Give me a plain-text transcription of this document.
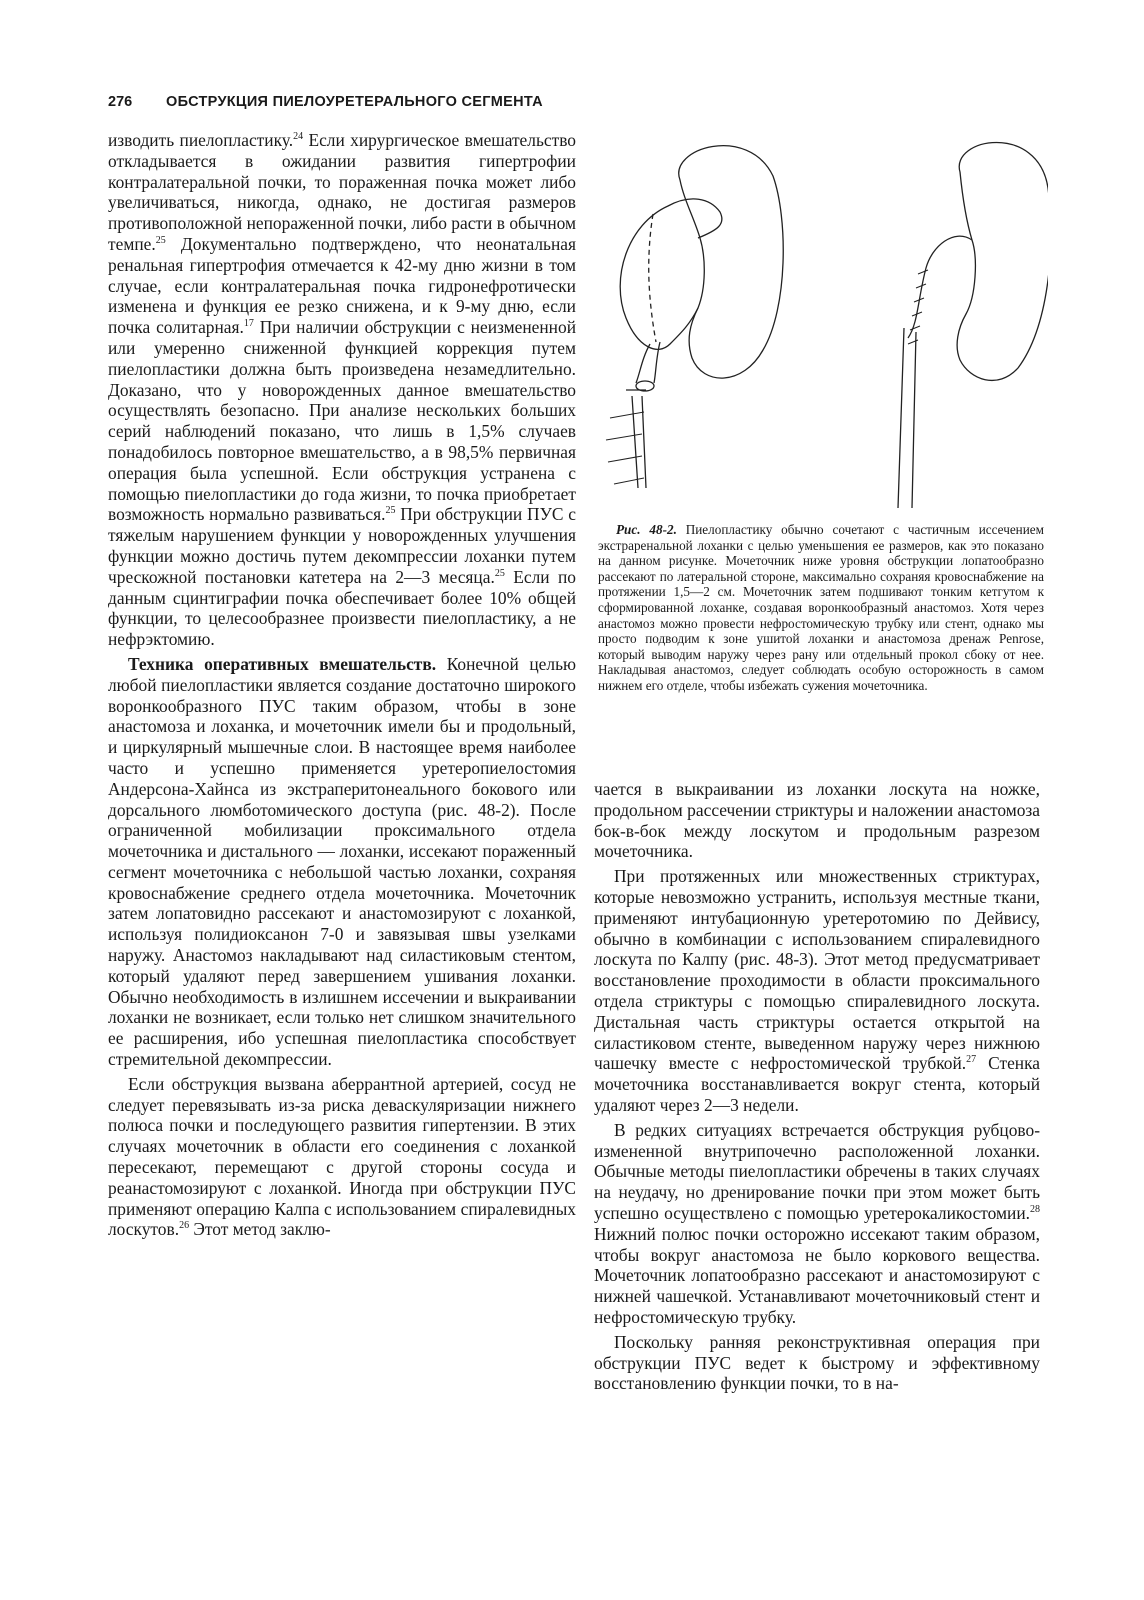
276 ОБСТРУКЦИЯ ПИЕЛОУРЕТЕРАЛЬНОГО СЕГМЕНТА

изводить пиелопластику.$^{24}$ Если хирургическое вмешательство откладывается в ожидании развития гипертрофии контралатеральной почки, то пораженная почка может либо увеличиваться, никогда, однако, не достигая размеров противоположной непораженной почки, либо расти в обычном темпе.$^{25}$ Документально подтверждено, что неонатальная ренальная гипертрофия отмечается к 42-му дню жизни в том случае, если контралатеральная почка гидронефротически изменена и функция ее резко снижена, и к 9-му дню, если почка солитарная.$^{17}$ При наличии обструкции с неизмененной или умеренно сниженной функцией коррекция путем пиелопластики должна быть произведена незамедлительно. Доказано, что у новорожденных данное вмешательство осуществлять безопасно. При анализе нескольких больших серий наблюдений показано, что лишь в 1,5% случаев понадобилось повторное вмешательство, а в 98,5% первичная операция была успешной. Если обструкция устранена с помощью пиелопластики до года жизни, то почка приобретает возможность нормально развиваться.$^{25}$ При обструкции ПУС с тяжелым нарушением функции у новорожденных улучшения функции можно достичь путем декомпрессии лоханки путем чрескожной постановки катетера на 2—3 месяца.$^{25}$ Если по данным сцинтиграфии почка обеспечивает более 10% общей функции, то целесообразнее произвести пиелопластику, а не нефрэктомию.

Техника оперативных вмешательств. Конечной целью любой пиелопластики является создание достаточно широкого воронкообразного ПУС таким образом, чтобы в зоне анастомоза и лоханка, и мочеточник имели бы и продольный, и циркулярный мышечные слои. В настоящее время наиболее часто и успешно применяется уретеропиелостомия Андерсона-Хайнса из экстраперитонеального бокового или дорсального люмботомического доступа (рис. 48-2). После ограниченной мобилизации проксимального отдела мочеточника и дистального — лоханки, иссекают пораженный сегмент мочеточника с небольшой частью лоханки, сохраняя кровоснабжение среднего отдела мочеточника. Мочеточник затем лопатовидно рассекают и анастомозируют с лоханкой, используя полидиоксанон 7-0 и завязывая швы узелками наружу. Анастомоз накладывают над силастиковым стентом, который удаляют перед завершением ушивания лоханки. Обычно необходимость в излишнем иссечении и выкраивании лоханки не возникает, если только нет слишком значительного ее расширения, ибо успешная пиелопластика способствует стремительной декомпрессии.

Если обструкция вызвана аберрантной артерией, сосуд не следует перевязывать из-за риска деваскуляризации нижнего полюса почки и последующего развития гипертензии. В этих случаях мочеточник в области его соединения с лоханкой пересекают, перемещают с другой стороны сосуда и реанастомозируют с лоханкой. Иногда при обструкции ПУС применяют операцию Калпа с использованием спиралевидных лоскутов.$^{26}$ Этот метод заклю-

Рис. 48-2. Пиелопластику обычно сочетают с частичным иссечением экстраренальной лоханки с целью уменьшения ее размеров, как это показано на данном рисунке. Мочеточник ниже уровня обструкции лопатообразно рассекают по латеральной стороне, максимально сохраняя кровоснабжение на протяжении 1,5—2 см. Мочеточник затем подшивают тонким кетгутом к сформированной лоханке, создавая воронкообразный анастомоз. Хотя через анастомоз можно провести нефростомическую трубку или стент, однако мы просто подводим к зоне ушитой лоханки и анастомоза дренаж Penrose, который выводим наружу через рану или отдельный прокол сбоку от нее. Накладывая анастомоз, следует соблюдать особую осторожность в самом нижнем его отделе, чтобы избежать сужения мочеточника.

чается в выкраивании из лоханки лоскута на ножке, продольном рассечении стриктуры и наложении анастомоза бок-в-бок между лоскутом и продольным разрезом мочеточника.

При протяженных или множественных стриктурах, которые невозможно устранить, используя местные ткани, применяют интубационную уретеротомию по Дейвису, обычно в комбинации с использованием спиралевидного лоскута по Калпу (рис. 48-3). Этот метод предусматривает восстановление проходимости в области проксимального отдела стриктуры с помощью спиралевидного лоскута. Дистальная часть стриктуры остается открытой на силастиковом стенте, выведенном наружу через нижнюю чашечку вместе с нефростомической трубкой.$^{27}$ Стенка мочеточника восстанавливается вокруг стента, который удаляют через 2—3 недели.

В редких ситуациях встречается обструкция рубцово-измененной внутрипочечно расположенной лоханки. Обычные методы пиелопластики обречены в таких случаях на неудачу, но дренирование почки при этом может быть успешно осуществлено с помощью уретерокаликостомии.$^{28}$ Нижний полюс почки осторожно иссекают таким образом, чтобы вокруг анастомоза не было коркового вещества. Мочеточник лопатообразно рассекают и анастомозируют с нижней чашечкой. Устанавливают мочеточниковый стент и нефростомическую трубку.

Поскольку ранняя реконструктивная операция при обструкции ПУС ведет к быстрому и эффективному восстановлению функции почки, то в на-
